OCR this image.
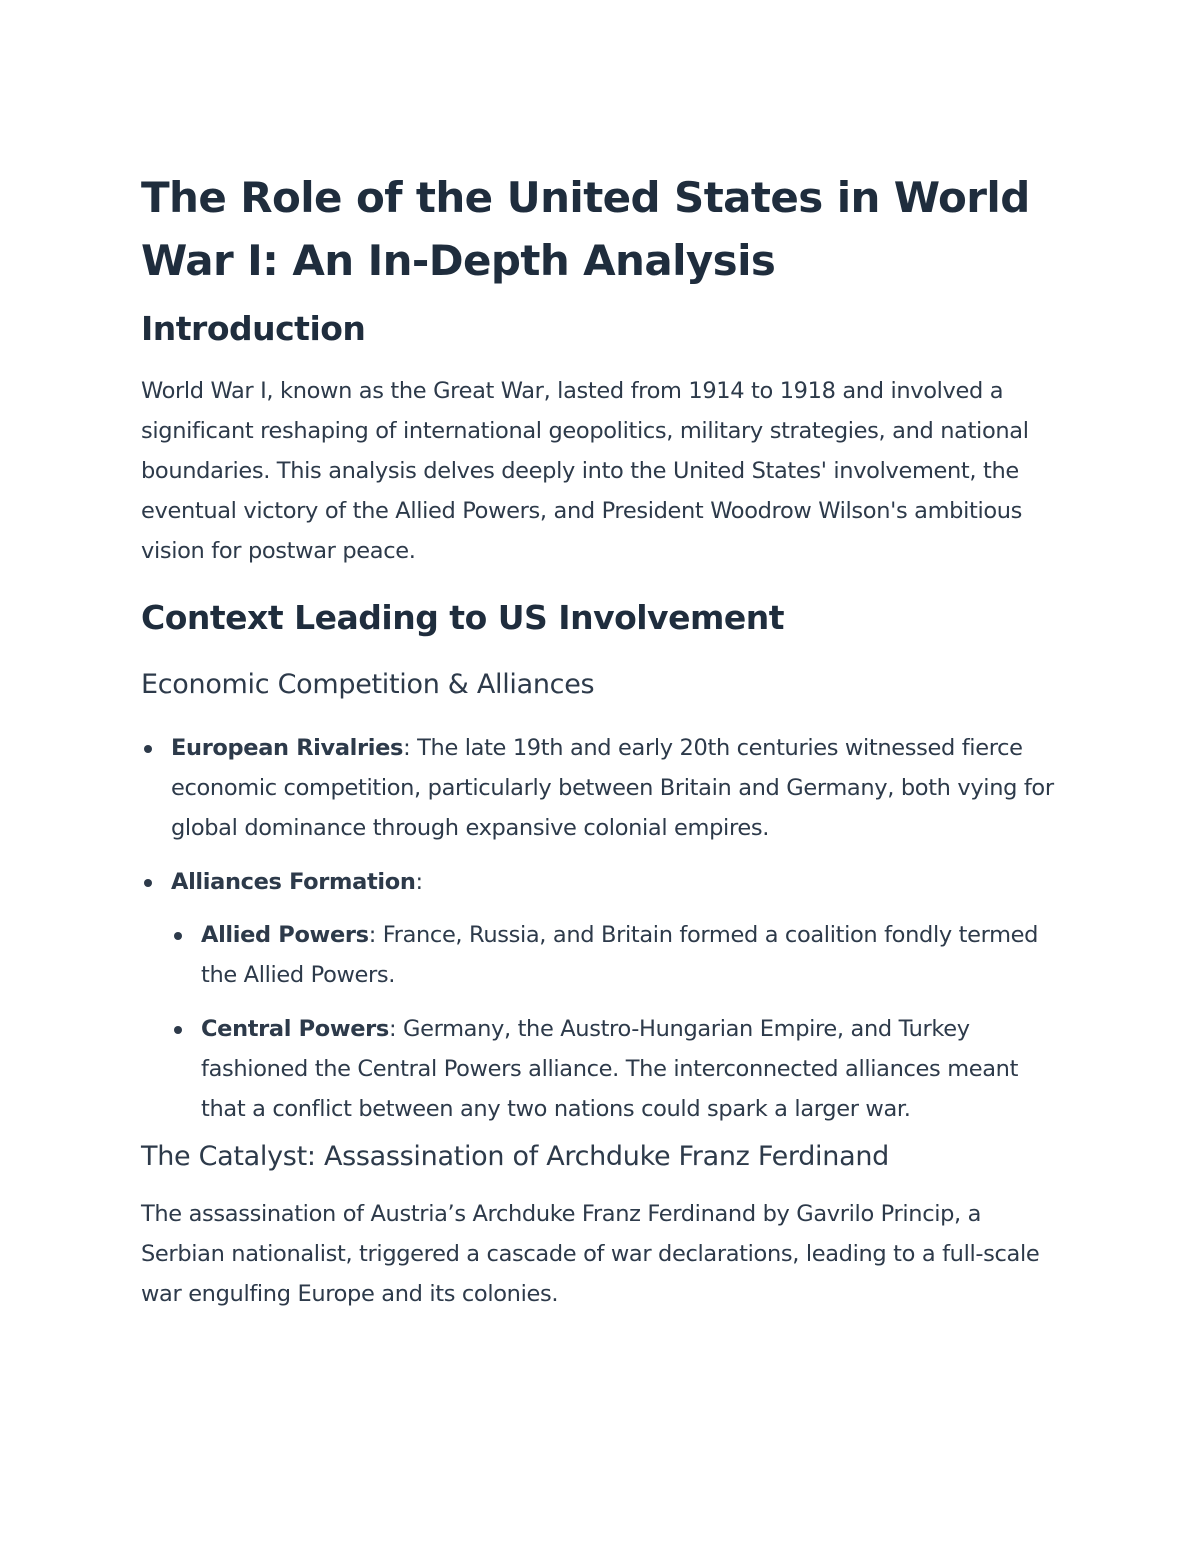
The Role of the United States in World War I: An In-Depth Analysis
Introduction

World War I, known as the Great War, lasted from 1914 to 1918 and involved a significant reshaping of international geopolitics, military strategies, and national boundaries. This analysis delves deeply into the United States' involvement, the eventual victory of the Allied Powers, and President Woodrow Wilson's ambitious vision for postwar peace.

Context Leading to US Involvement
Economic Competition & Alliances
European Rivalries: The late 19th and early 20th centuries witnessed fierce economic competition, particularly between Britain and Germany, both vying for global dominance through expansive colonial empires.
Alliances Formation:
Allied Powers: France, Russia, and Britain formed a coalition fondly termed the Allied Powers.
Central Powers: Germany, the Austro-Hungarian Empire, and Turkey fashioned the Central Powers alliance. The interconnected alliances meant that a conflict between any two nations could spark a larger war.
The Catalyst: Assassination of Archduke Franz Ferdinand

The assassination of Austria’s Archduke Franz Ferdinand by Gavrilo Princip, a Serbian nationalist, triggered a cascade of war declarations, leading to a full-scale war engulfing Europe and its colonies.
